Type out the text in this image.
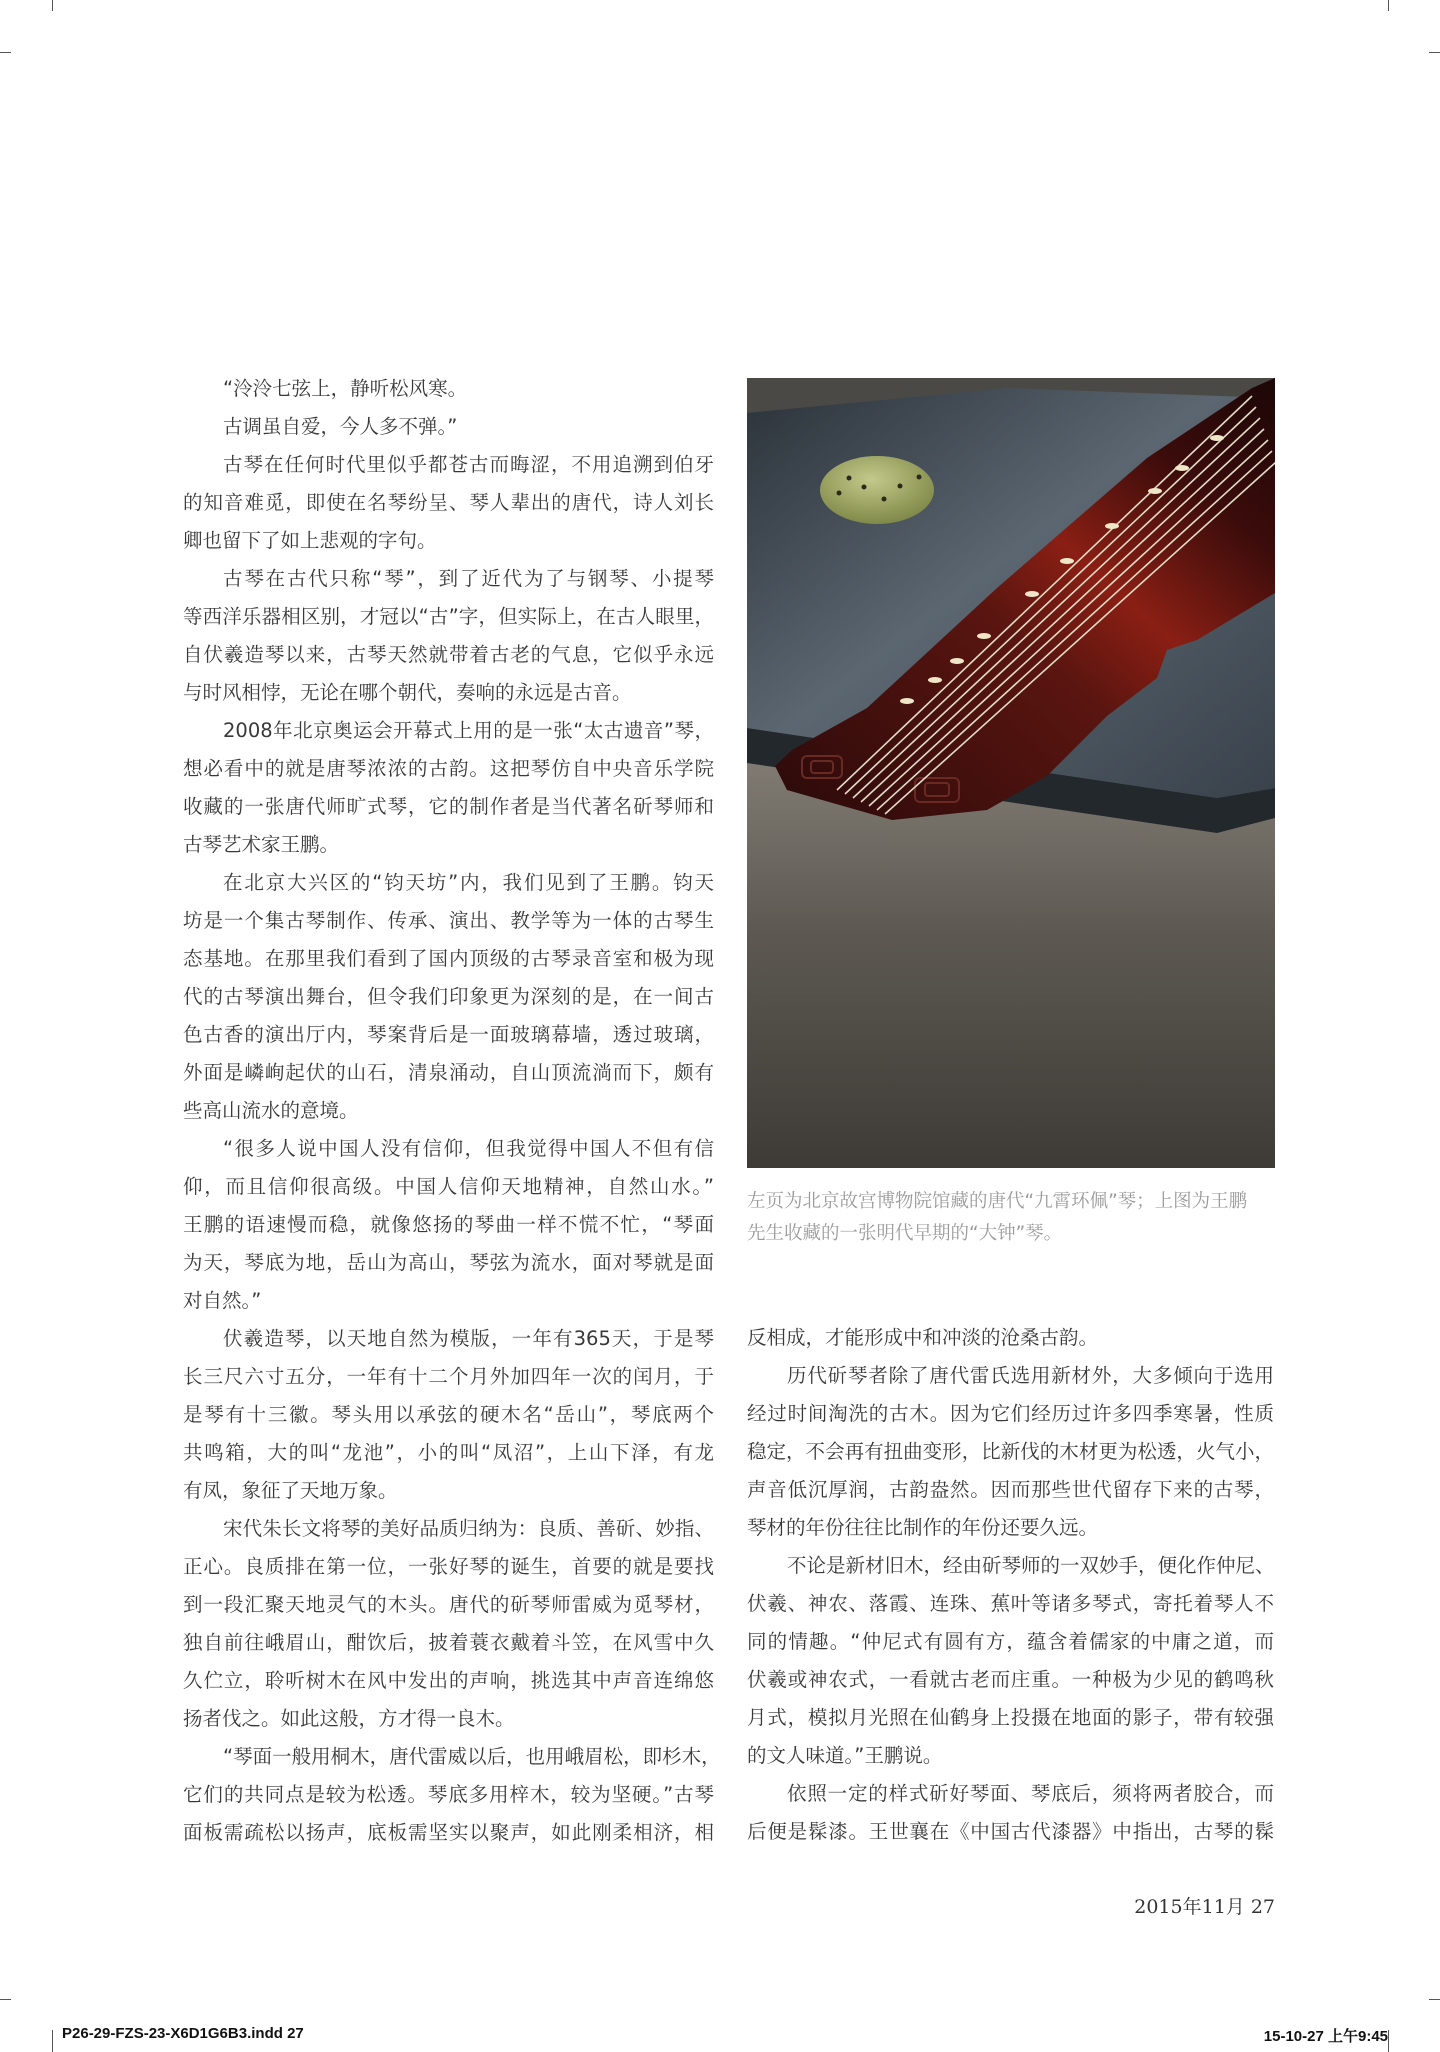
“泠泠七弦上，静听松风寒。
古调虽自爱，今人多不弹。”
古琴在任何时代里似乎都苍古而晦涩，不用追溯到伯牙
的知音难觅，即使在名琴纷呈、琴人辈出的唐代，诗人刘长
卿也留下了如上悲观的字句。
古琴在古代只称“琴”，到了近代为了与钢琴、小提琴
等西洋乐器相区别，才冠以“古”字，但实际上，在古人眼里，
自伏羲造琴以来，古琴天然就带着古老的气息，它似乎永远
与时风相悖，无论在哪个朝代，奏响的永远是古音。
2008年北京奥运会开幕式上用的是一张“太古遗音”琴，
想必看中的就是唐琴浓浓的古韵。这把琴仿自中央音乐学院
收藏的一张唐代师旷式琴，它的制作者是当代著名斫琴师和
古琴艺术家王鹏。
在北京大兴区的“钧天坊”内，我们见到了王鹏。钧天
坊是一个集古琴制作、传承、演出、教学等为一体的古琴生
态基地。在那里我们看到了国内顶级的古琴录音室和极为现
代的古琴演出舞台，但令我们印象更为深刻的是，在一间古
色古香的演出厅内，琴案背后是一面玻璃幕墙，透过玻璃，
外面是嶙峋起伏的山石，清泉涌动，自山顶流淌而下，颇有
些高山流水的意境。
“很多人说中国人没有信仰，但我觉得中国人不但有信
仰，而且信仰很高级。中国人信仰天地精神，自然山水。”
王鹏的语速慢而稳，就像悠扬的琴曲一样不慌不忙，“琴面
为天，琴底为地，岳山为高山，琴弦为流水，面对琴就是面
对自然。”
伏羲造琴，以天地自然为模版，一年有365天，于是琴
长三尺六寸五分，一年有十二个月外加四年一次的闰月，于
是琴有十三徽。琴头用以承弦的硬木名“岳山”，琴底两个
共鸣箱，大的叫“龙池”，小的叫“凤沼”，上山下泽，有龙
有凤，象征了天地万象。
宋代朱长文将琴的美好品质归纳为：良质、善斫、妙指、
正心。良质排在第一位，一张好琴的诞生，首要的就是要找
到一段汇聚天地灵气的木头。唐代的斫琴师雷威为觅琴材，
独自前往峨眉山，酣饮后，披着蓑衣戴着斗笠，在风雪中久
久伫立，聆听树木在风中发出的声响，挑选其中声音连绵悠
扬者伐之。如此这般，方才得一良木。
“琴面一般用桐木，唐代雷威以后，也用峨眉松，即杉木，
它们的共同点是较为松透。琴底多用梓木，较为坚硬。”古琴
面板需疏松以扬声，底板需坚实以聚声，如此刚柔相济，相
反相成，才能形成中和冲淡的沧桑古韵。
历代斫琴者除了唐代雷氏选用新材外，大多倾向于选用
经过时间淘洗的古木。因为它们经历过许多四季寒暑，性质
稳定，不会再有扭曲变形，比新伐的木材更为松透，火气小，
声音低沉厚润，古韵盎然。因而那些世代留存下来的古琴，
琴材的年份往往比制作的年份还要久远。
不论是新材旧木，经由斫琴师的一双妙手，便化作仲尼、
伏羲、神农、落霞、连珠、蕉叶等诸多琴式，寄托着琴人不
同的情趣。“仲尼式有圆有方，蕴含着儒家的中庸之道，而
伏羲或神农式，一看就古老而庄重。一种极为少见的鹤鸣秋
月式，模拟月光照在仙鹤身上投摄在地面的影子，带有较强
的文人味道。”王鹏说。
依照一定的样式斫好琴面、琴底后，须将两者胶合，而
后便是髹漆。王世襄在《中国古代漆器》中指出，古琴的髹
左页为北京故宫博物院馆藏的唐代“九霄环佩”琴；上图为王鹏
先生收藏的一张明代早期的“大钟”琴。
2015年11月 27
P26-29-FZS-23-X6D1G6B3.indd 27	15-10-27 上午9:45
